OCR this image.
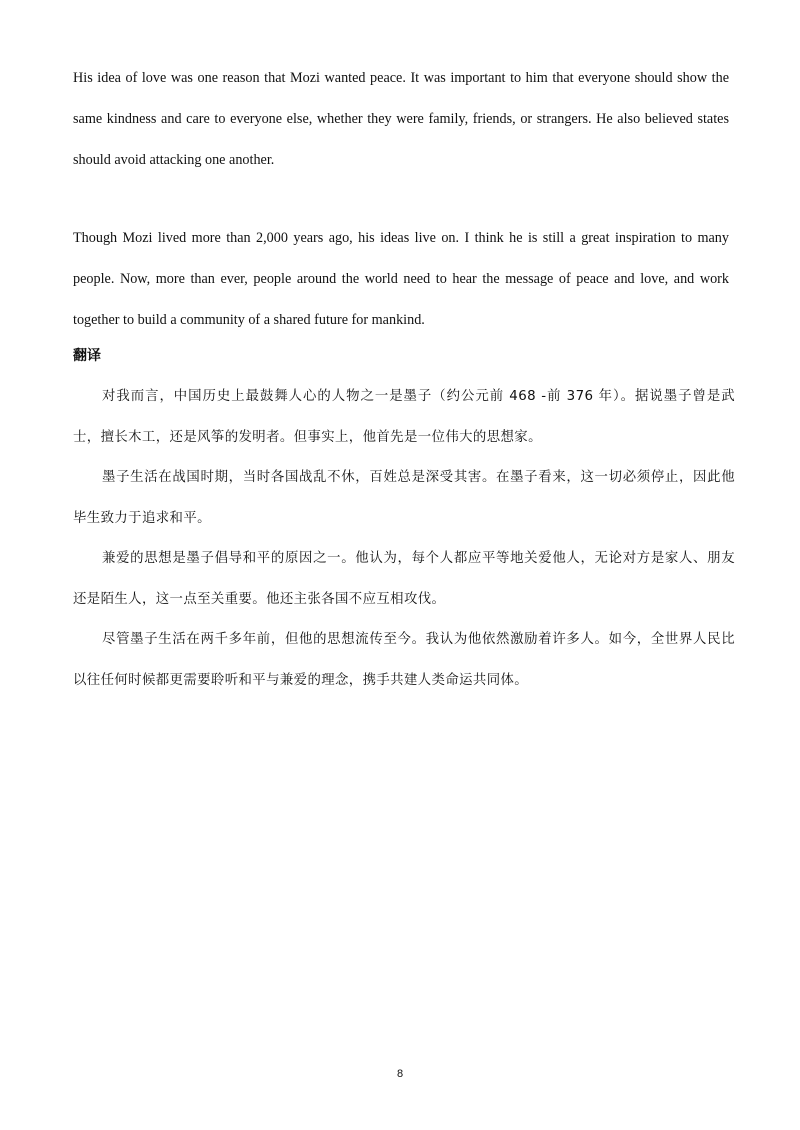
His idea of love was one reason that Mozi wanted peace. It was important to him that everyone should show the same kindness and care to everyone else, whether they were family, friends, or strangers. He also believed states should avoid attacking one another.

Though Mozi lived more than 2,000 years ago, his ideas live on. I think he is still a great inspiration to many people. Now, more than ever, people around the world need to hear the message of peace and love, and work together to build a community of a shared future for mankind.

翻译

对我而言，中国历史上最鼓舞人心的人物之一是墨子（约公元前 468 -前 376 年）。据说墨子曾是武士，擅长木工，还是风筝的发明者。但事实上，他首先是一位伟大的思想家。

墨子生活在战国时期，当时各国战乱不休，百姓总是深受其害。在墨子看来，这一切必须停止，因此他毕生致力于追求和平。

兼爱的思想是墨子倡导和平的原因之一。他认为，每个人都应平等地关爱他人，无论对方是家人、朋友还是陌生人，这一点至关重要。他还主张各国不应互相攻伐。

尽管墨子生活在两千多年前，但他的思想流传至今。我认为他依然激励着许多人。如今，全世界人民比以往任何时候都更需要聆听和平与兼爱的理念，携手共建人类命运共同体。

8
